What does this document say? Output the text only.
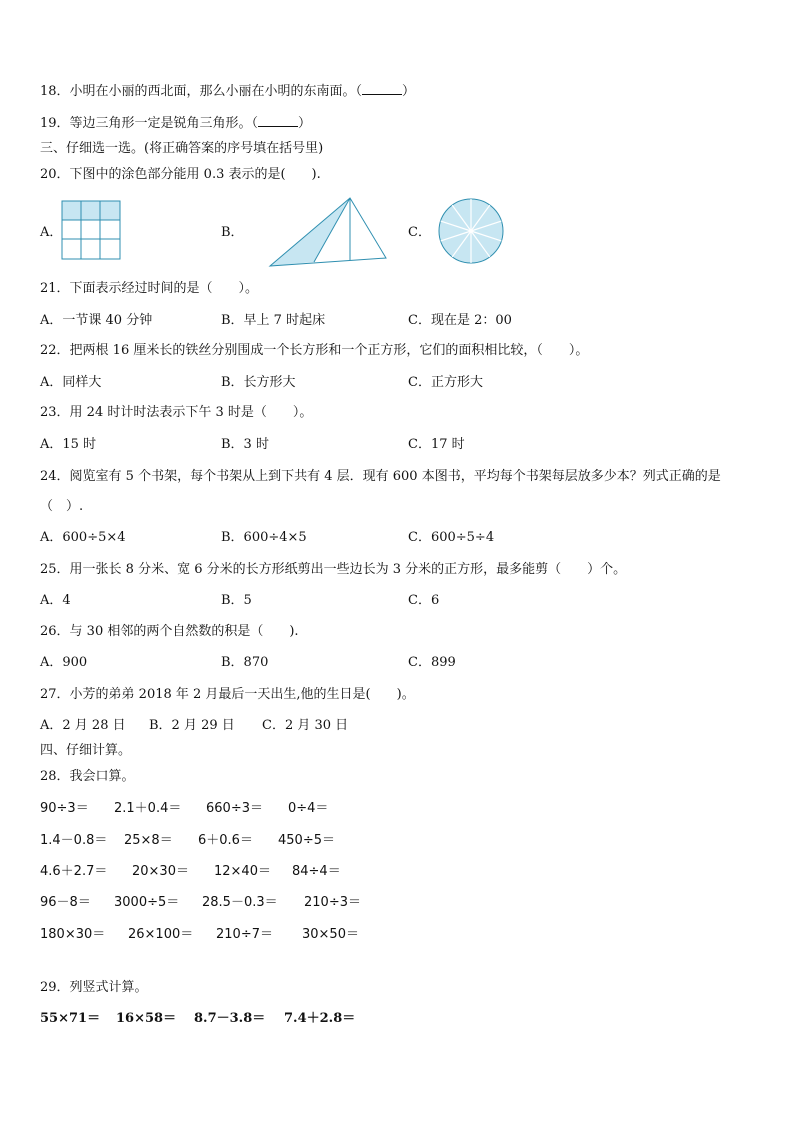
18．小明在小丽的西北面，那么小丽在小明的东南面。（	）
19．等边三角形一定是锐角三角形。（	）
三、仔细选一选。(将正确答案的序号填在括号里)
20．下图中的涂色部分能用 0.3 表示的是(　　).
A．	B．	C．
21．下面表示经过时间的是（　　）。
A．一节课 40 分钟	B．早上 7 时起床	C．现在是 2：00
22．把两根 16 厘米长的铁丝分别围成一个长方形和一个正方形，它们的面积相比较，（　　）。
A．同样大	B．长方形大	C．正方形大
23．用 24 时计时法表示下午 3 时是（　　）。
A．15 时	B．3 时	C．17 时
24．阅览室有 5 个书架，每个书架从上到下共有 4 层．现有 600 本图书，平均每个书架每层放多少本？列式正确的是
（　）.
A．600÷5×4	B．600÷4×5	C．600÷5÷4
25．用一张长 8 分米、宽 6 分米的长方形纸剪出一些边长为 3 分米的正方形，最多能剪（　　）个。
A．4	B．5	C．6
26．与 30 相邻的两个自然数的积是（　　).
A．900	B．870	C．899
27．小芳的弟弟 2018 年 2 月最后一天出生,他的生日是(　　)。
A．2 月 28 日 B．2 月 29 日 C．2 月 30 日
四、仔细计算。
28．我会口算。
90÷3＝ 2.1＋0.4＝ 660÷3＝ 0÷4＝
1.4－0.8＝ 25×8＝ 6＋0.6＝ 450÷5＝
4.6＋2.7＝ 20×30＝ 12×40＝ 84÷4＝
96－8＝ 3000÷5＝ 28.5－0.3＝ 210÷3＝
180×30＝ 26×100＝ 210÷7＝ 30×50＝
29．列竖式计算。
55×71＝ 16×58＝ 8.7－3.8＝ 7.4＋2.8＝
